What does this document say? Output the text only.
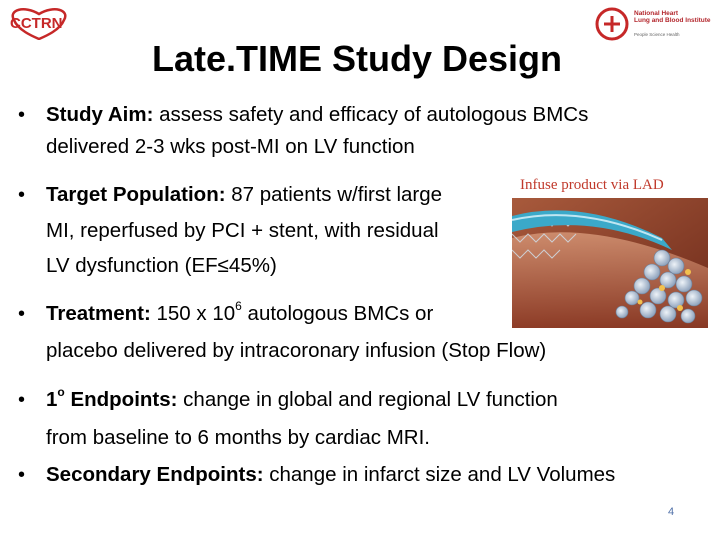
CCTRN
National Heart
Lung and Blood Institute
People Science Health
Late.TIME Study Design
• Study Aim: assess safety and efficacy of autologous BMCs
delivered 2-3 wks post-MI on LV function
• Target Population: 87 patients w/first large
MI, reperfused by PCI + stent, with residual
LV dysfunction (EF≤45%)
Infuse product via LAD
• Treatment: 150 x $10^6$ autologous BMCs or
placebo delivered by intracoronary infusion (Stop Flow)
• 1$^o$ Endpoints: change in global and regional LV function
from baseline to 6 months by cardiac MRI.
• Secondary Endpoints: change in infarct size and LV Volumes
4
